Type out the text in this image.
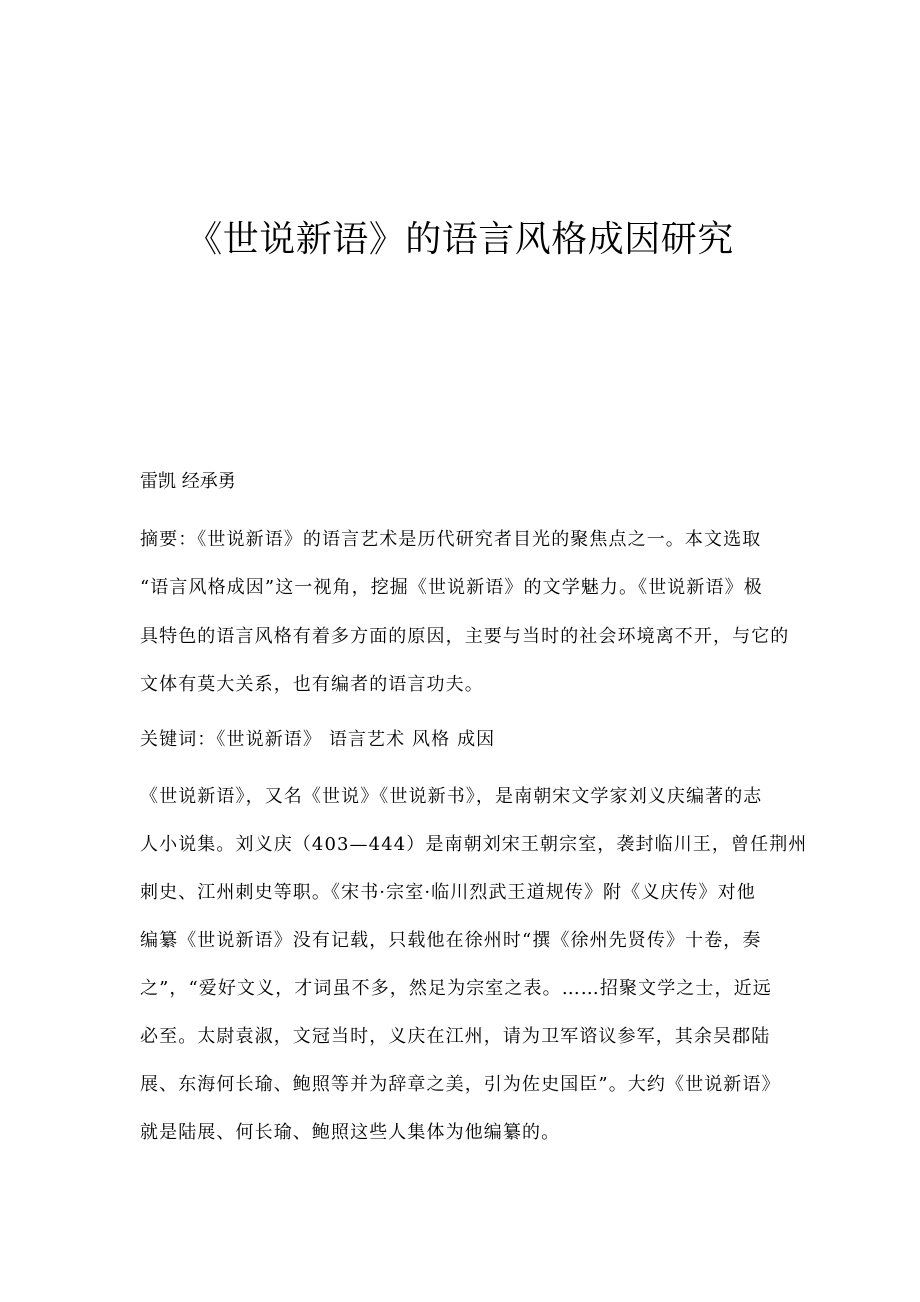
《世说新语》的语言风格成因研究
雷凯 经承勇
摘要：《世说新语》的语言艺术是历代研究者目光的聚焦点之一。本文选取
“语言风格成因”这一视角，挖掘《世说新语》的文学魅力。《世说新语》极
具特色的语言风格有着多方面的原因，主要与当时的社会环境离不开，与它的
文体有莫大关系，也有编者的语言功夫。
关键词：《世说新语》 语言艺术 风格 成因
《世说新语》，又名《世说》《世说新书》，是南朝宋文学家刘义庆编著的志
人小说集。刘义庆（403—444）是南朝刘宋王朝宗室，袭封临川王，曾任荆州
刺史、江州刺史等职。《宋书·宗室·临川烈武王道规传》附《义庆传》对他
编纂《世说新语》没有记载，只载他在徐州时“撰《徐州先贤传》十卷，奏
之”，“爱好文义，才词虽不多，然足为宗室之表。……招聚文学之士，近远
必至。太尉袁淑，文冠当时，义庆在江州，请为卫军谘议参军，其余吴郡陆
展、东海何长瑜、鲍照等并为辞章之美，引为佐史国臣”。大约《世说新语》
就是陆展、何长瑜、鲍照这些人集体为他编纂的。
